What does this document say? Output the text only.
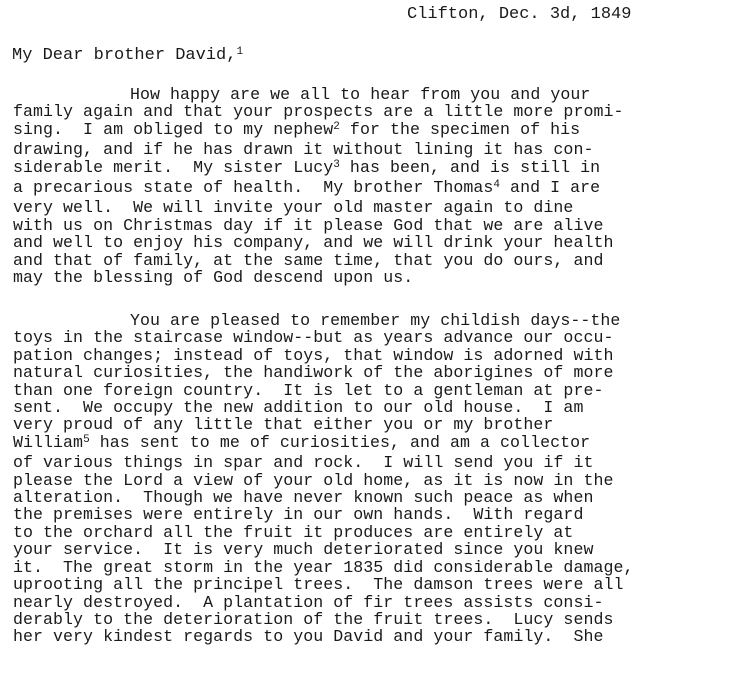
Clifton, Dec. 3d, 1849
My Dear brother David,$^1$
How happy are we all to hear from you and your
family again and that your prospects are a little more promi-
sing.  I am obliged to my nephew$^2$ for the specimen of his
drawing, and if he has drawn it without lining it has con-
siderable merit.  My sister Lucy$^3$ has been, and is still in
a precarious state of health.  My brother Thomas$^4$ and I are
very well.  We will invite your old master again to dine
with us on Christmas day if it please God that we are alive
and well to enjoy his company, and we will drink your health
and that of family, at the same time, that you do ours, and
may the blessing of God descend upon us.
You are pleased to remember my childish days--the
toys in the staircase window--but as years advance our occu-
pation changes; instead of toys, that window is adorned with
natural curiosities, the handiwork of the aborigines of more
than one foreign country.  It is let to a gentleman at pre-
sent.  We occupy the new addition to our old house.  I am
very proud of any little that either you or my brother
William$^5$ has sent to me of curiosities, and am a collector
of various things in spar and rock.  I will send you if it
please the Lord a view of your old home, as it is now in the
alteration.  Though we have never known such peace as when
the premises were entirely in our own hands.  With regard
to the orchard all the fruit it produces are entirely at
your service.  It is very much deteriorated since you knew
it.  The great storm in the year 1835 did considerable damage,
uprooting all the principel trees.  The damson trees were all
nearly destroyed.  A plantation of fir trees assists consi-
derably to the deterioration of the fruit trees.  Lucy sends
her very kindest regards to you David and your family.  She
